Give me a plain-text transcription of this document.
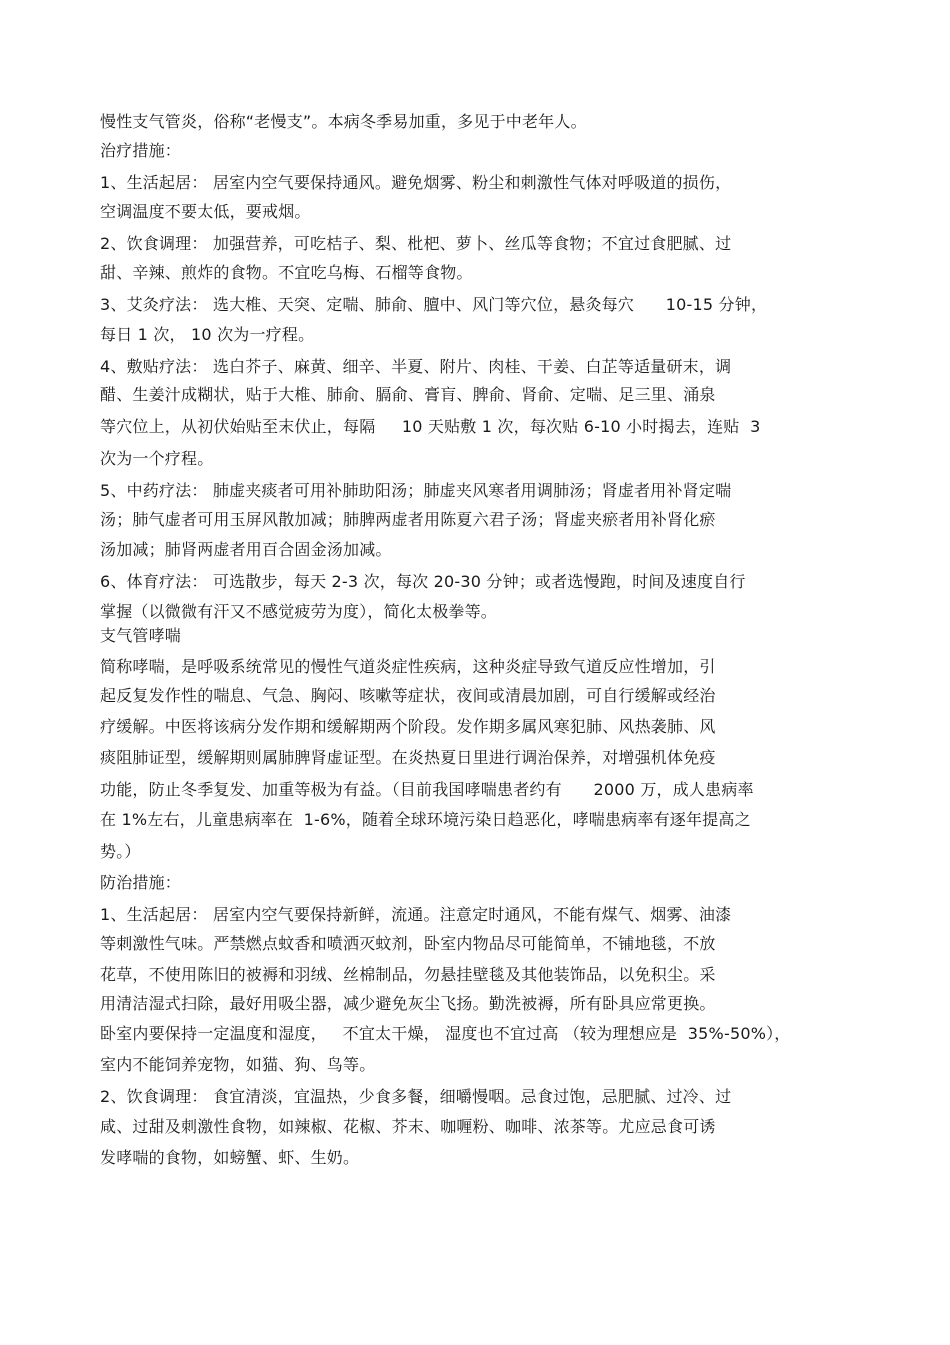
慢性支气管炎，俗称“老慢支”。本病冬季易加重，多见于中老年人。
治疗措施：
1、生活起居： 居室内空气要保持通风。避免烟雾、粉尘和刺激性气体对呼吸道的损伤，
空调温度不要太低，要戒烟。
2、饮食调理： 加强营养，可吃桔子、梨、枇杷、萝卜、丝瓜等食物；不宜过食肥腻、过
甜、辛辣、煎炸的食物。不宜吃乌梅、石榴等食物。
3、艾灸疗法： 选大椎、天突、定喘、肺俞、膻中、风门等穴位，悬灸每穴      10-15 分钟，
每日 1 次， 10 次为一疗程。
4、敷贴疗法： 选白芥子、麻黄、细辛、半夏、附片、肉桂、干姜、白芷等适量研末，调
醋、生姜汁成糊状，贴于大椎、肺俞、膈俞、膏肓、脾俞、肾俞、定喘、足三里、涌泉
等穴位上，从初伏始贴至末伏止，每隔     10 天贴敷 1 次，每次贴 6-10 小时揭去，连贴  3
次为一个疗程。
5、中药疗法： 肺虚夹痰者可用补肺助阳汤；肺虚夹风寒者用调肺汤；肾虚者用补肾定喘
汤；肺气虚者可用玉屏风散加减；肺脾两虚者用陈夏六君子汤；肾虚夹瘀者用补肾化瘀
汤加减；肺肾两虚者用百合固金汤加减。
6、体育疗法： 可选散步，每天 2-3 次，每次 20-30 分钟；或者选慢跑，时间及速度自行
掌握（以微微有汗又不感觉疲劳为度），简化太极拳等。
支气管哮喘
简称哮喘，是呼吸系统常见的慢性气道炎症性疾病，这种炎症导致气道反应性增加，引
起反复发作性的喘息、气急、胸闷、咳嗽等症状，夜间或清晨加剧，可自行缓解或经治
疗缓解。中医将该病分发作期和缓解期两个阶段。发作期多属风寒犯肺、风热袭肺、风
痰阻肺证型，缓解期则属肺脾肾虚证型。在炎热夏日里进行调治保养，对增强机体免疫
功能，防止冬季复发、加重等极为有益。（目前我国哮喘患者约有      2000 万，成人患病率
在 1%左右，儿童患病率在  1-6%，随着全球环境污染日趋恶化，哮喘患病率有逐年提高之
势。）
防治措施：
1、生活起居： 居室内空气要保持新鲜，流通。注意定时通风，不能有煤气、烟雾、油漆
等刺激性气味。严禁燃点蚊香和喷洒灭蚊剂，卧室内物品尽可能简单，不铺地毯，不放
花草，不使用陈旧的被褥和羽绒、丝棉制品，勿悬挂壁毯及其他装饰品，以免积尘。采
用清洁湿式扫除，最好用吸尘器，减少避免灰尘飞扬。勤洗被褥，所有卧具应常更换。
卧室内要保持一定温度和湿度，   不宜太干燥， 湿度也不宜过高 （较为理想应是  35%-50%），
室内不能饲养宠物，如猫、狗、鸟等。
2、饮食调理： 食宜清淡，宜温热，少食多餐，细嚼慢咽。忌食过饱，忌肥腻、过冷、过
咸、过甜及刺激性食物，如辣椒、花椒、芥末、咖喱粉、咖啡、浓茶等。尤应忌食可诱
发哮喘的食物，如螃蟹、虾、生奶。
